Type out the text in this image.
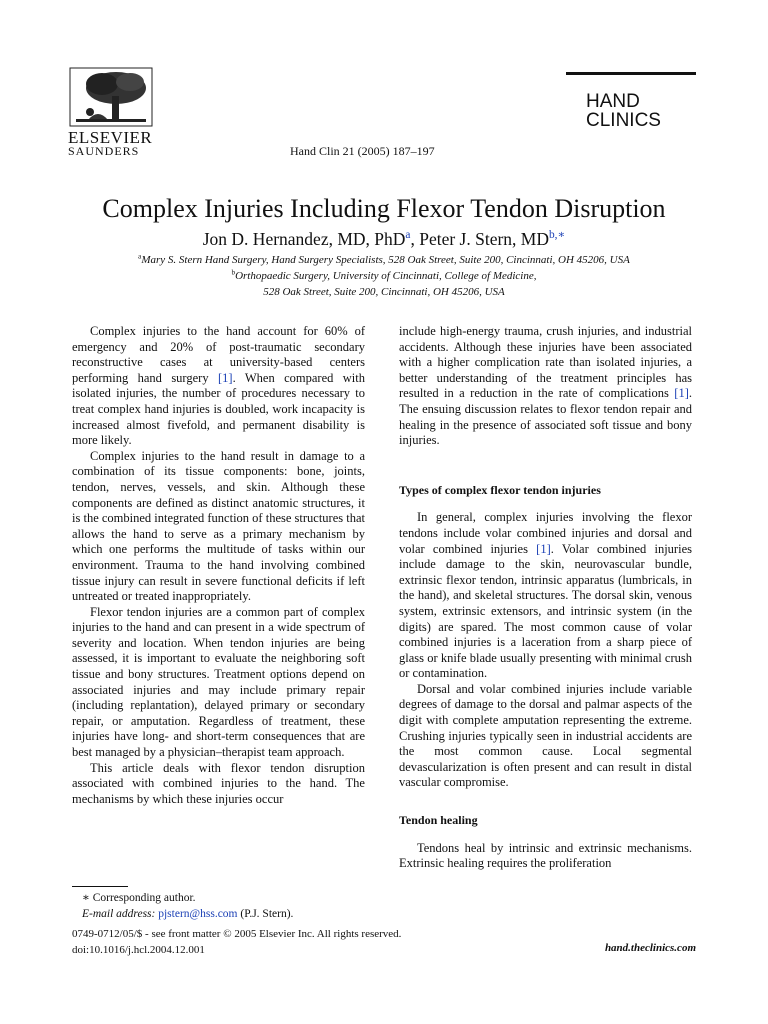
ELSEVIER
SAUNDERS	Hand Clin 21 (2005) 187–197
HAND
CLINICS
Complex Injuries Including Flexor Tendon Disruption
Jon D. Hernandez, MD, PhD$^a$, Peter J. Stern, $MD^{b,∗}$
$^a$Mary S. Stern Hand Surgery, Hand Surgery Specialists, 528 Oak Street, Suite 200, Cincinnati, OH 45206, USA
$^b$Orthopaedic Surgery, University of Cincinnati, College of Medicine,
528 Oak Street, Suite 200, Cincinnati, OH 45206, USA

Complex injuries to the hand account for 60% of emergency and 20% of post-traumatic secondary reconstructive cases at university-based centers performing hand surgery [1]. When compared with isolated injuries, the number of procedures necessary to treat complex hand injuries is doubled, work incapacity is increased almost fivefold, and permanent disability is more likely.

Complex injuries to the hand result in damage to a combination of its tissue components: bone, joints, tendon, nerves, vessels, and skin. Although these components are defined as distinct anatomic structures, it is the combined integrated function of these structures that allows the hand to serve as a primary mechanism by which one performs the multitude of tasks within our environment. Trauma to the hand involving combined tissue injury can result in severe functional deficits if left untreated or treated inappropriately.

Flexor tendon injuries are a common part of complex injuries to the hand and can present in a wide spectrum of severity and location. When tendon injuries are being assessed, it is important to evaluate the neighboring soft tissue and bony structures. Treatment options depend on associated injuries and may include primary repair (including replantation), delayed primary or secondary repair, or amputation. Regardless of treatment, these injuries have long- and short-term consequences that are best managed by a physician–therapist team approach.

This article deals with flexor tendon disruption associated with combined injuries to the hand. The mechanisms by which these injuries occur

include high-energy trauma, crush injuries, and industrial accidents. Although these injuries have been associated with a higher complication rate than isolated injuries, a better understanding of the treatment principles has resulted in a reduction in the rate of complications [1]. The ensuing discussion relates to flexor tendon repair and healing in the presence of associated soft tissue and bony injuries.

Types of complex flexor tendon injuries

In general, complex injuries involving the flexor tendons include volar combined injuries and dorsal and volar combined injuries [1]. Volar combined injuries include damage to the skin, neurovascular bundle, extrinsic flexor tendon, intrinsic apparatus (lumbricals, in the hand), and skeletal structures. The dorsal skin, venous system, extrinsic extensors, and intrinsic system (in the digits) are spared. The most common cause of volar combined injuries is a laceration from a sharp piece of glass or knife blade usually presenting with minimal crush or contamination.

Dorsal and volar combined injuries include variable degrees of damage to the dorsal and palmar aspects of the digit with complete amputation representing the extreme. Crushing injuries typically seen in industrial accidents are the most common cause. Local segmental devascularization is often present and can result in distal vascular compromise.

Tendon healing

Tendons heal by intrinsic and extrinsic mechanisms. Extrinsic healing requires the proliferation

∗ Corresponding author.
E-mail address: pjstern@hss.com (P.J. Stern).
0749-0712/05/$ - see front matter © 2005 Elsevier Inc. All rights reserved.
doi:10.1016/j.hcl.2004.12.001	hand.theclinics.com
